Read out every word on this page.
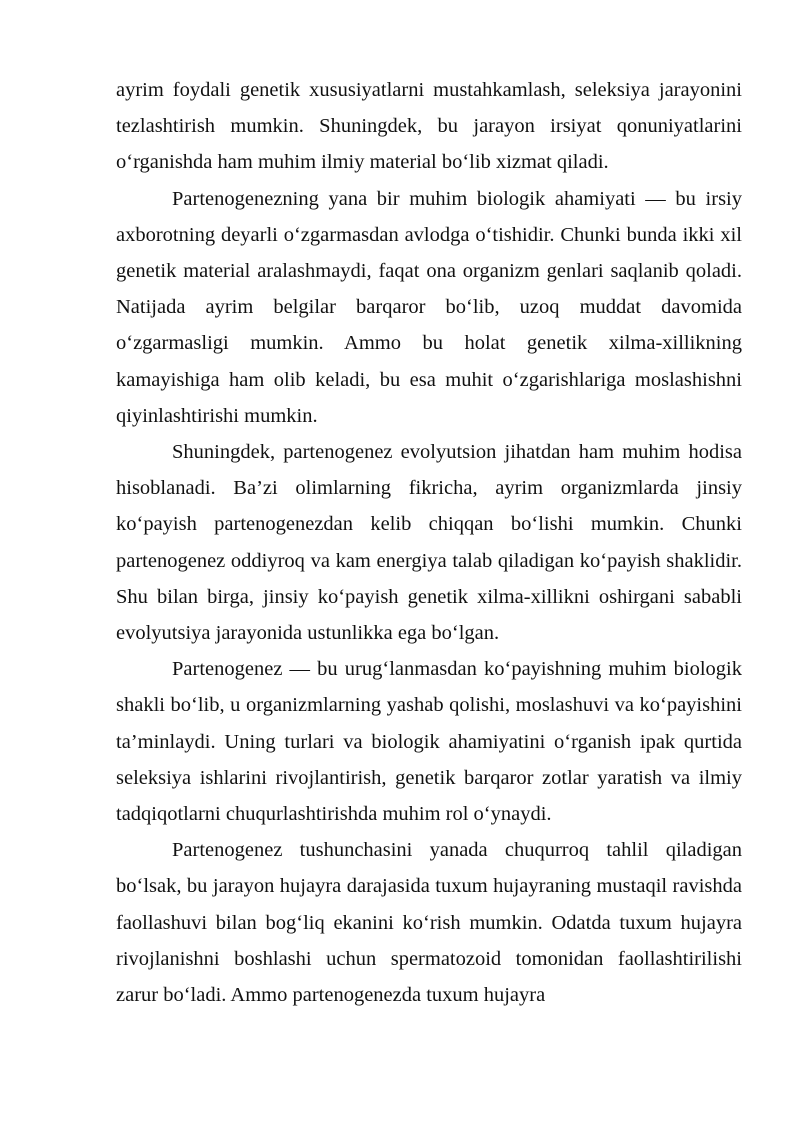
ayrim foydali genetik xususiyatlarni mustahkamlash, seleksiya jarayonini tezlashtirish mumkin. Shuningdek, bu jarayon irsiyat qonuniyatlarini o‘rganishda ham muhim ilmiy material bo‘lib xizmat qiladi.

Partenogenezning yana bir muhim biologik ahamiyati — bu irsiy axborotning deyarli o‘zgarmasdan avlodga o‘tishidir. Chunki bunda ikki xil genetik material aralashmaydi, faqat ona organizm genlari saqlanib qoladi. Natijada ayrim belgilar barqaror bo‘lib, uzoq muddat davomida o‘zgarmasligi mumkin. Ammo bu holat genetik xilma-xillikning kamayishiga ham olib keladi, bu esa muhit o‘zgarishlariga moslashishni qiyinlashtirishi mumkin.

Shuningdek, partenogenez evolyutsion jihatdan ham muhim hodisa hisoblanadi. Ba’zi olimlarning fikricha, ayrim organizmlarda jinsiy ko‘payish partenogenezdan kelib chiqqan bo‘lishi mumkin. Chunki partenogenez oddiyroq va kam energiya talab qiladigan ko‘payish shaklidir. Shu bilan birga, jinsiy ko‘payish genetik xilma-xillikni oshirgani sababli evolyutsiya jarayonida ustunlikka ega bo‘lgan.

Partenogenez — bu urug‘lanmasdan ko‘payishning muhim biologik shakli bo‘lib, u organizmlarning yashab qolishi, moslashuvi va ko‘payishini ta’minlaydi. Uning turlari va biologik ahamiyatini o‘rganish ipak qurtida seleksiya ishlarini rivojlantirish, genetik barqaror zotlar yaratish va ilmiy tadqiqotlarni chuqurlashtirishda muhim rol o‘ynaydi.

Partenogenez tushunchasini yanada chuqurroq tahlil qiladigan bo‘lsak, bu jarayon hujayra darajasida tuxum hujayraning mustaqil ravishda faollashuvi bilan bog‘liq ekanini ko‘rish mumkin. Odatda tuxum hujayra rivojlanishni boshlashi uchun spermatozoid tomonidan faollashtirilishi zarur bo‘ladi. Ammo partenogenezda tuxum hujayra
